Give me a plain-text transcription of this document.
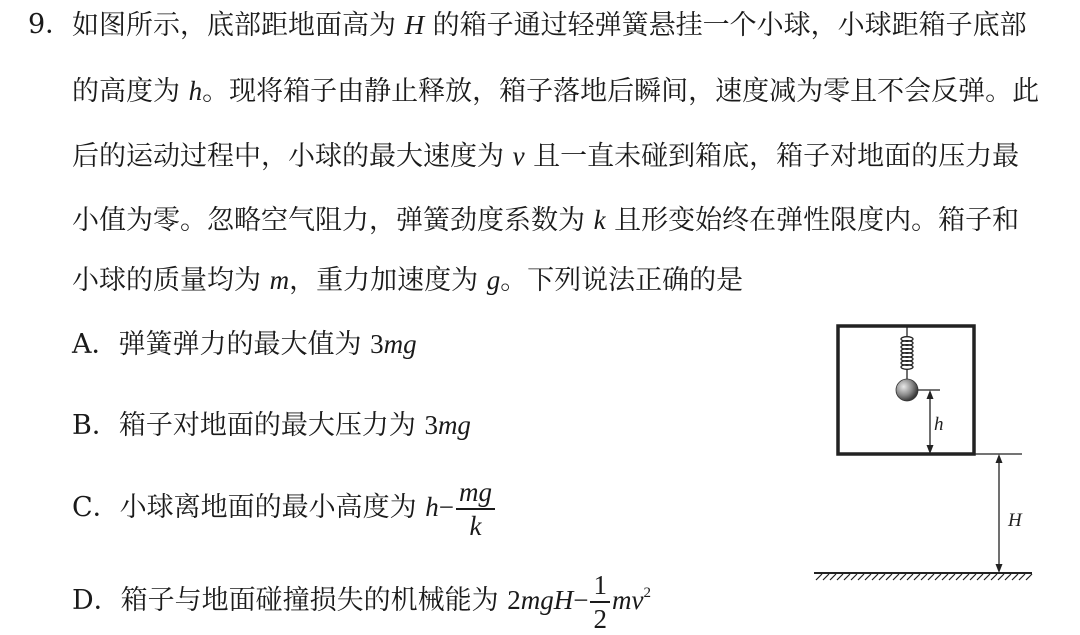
9． 如图所示，底部距地面高为 H 的箱子通过轻弹簧悬挂一个小球，小球距箱子底部
的高度为 h。现将箱子由静止释放，箱子落地后瞬间，速度减为零且不会反弹。此
后的运动过程中，小球的最大速度为 v 且一直未碰到箱底，箱子对地面的压力最
小值为零。忽略空气阻力，弹簧劲度系数为 k 且形变始终在弹性限度内。箱子和
小球的质量均为 m，重力加速度为 g。下列说法正确的是
A．弹簧弹力的最大值为 3mg
B．箱子对地面的最大压力为 3mg
C．小球离地面的最小高度为 $h- \frac{mg}{k}$
D．箱子与地面碰撞损失的机械能为 $2mgH- \frac{1}{2} mv^2$
h
H
